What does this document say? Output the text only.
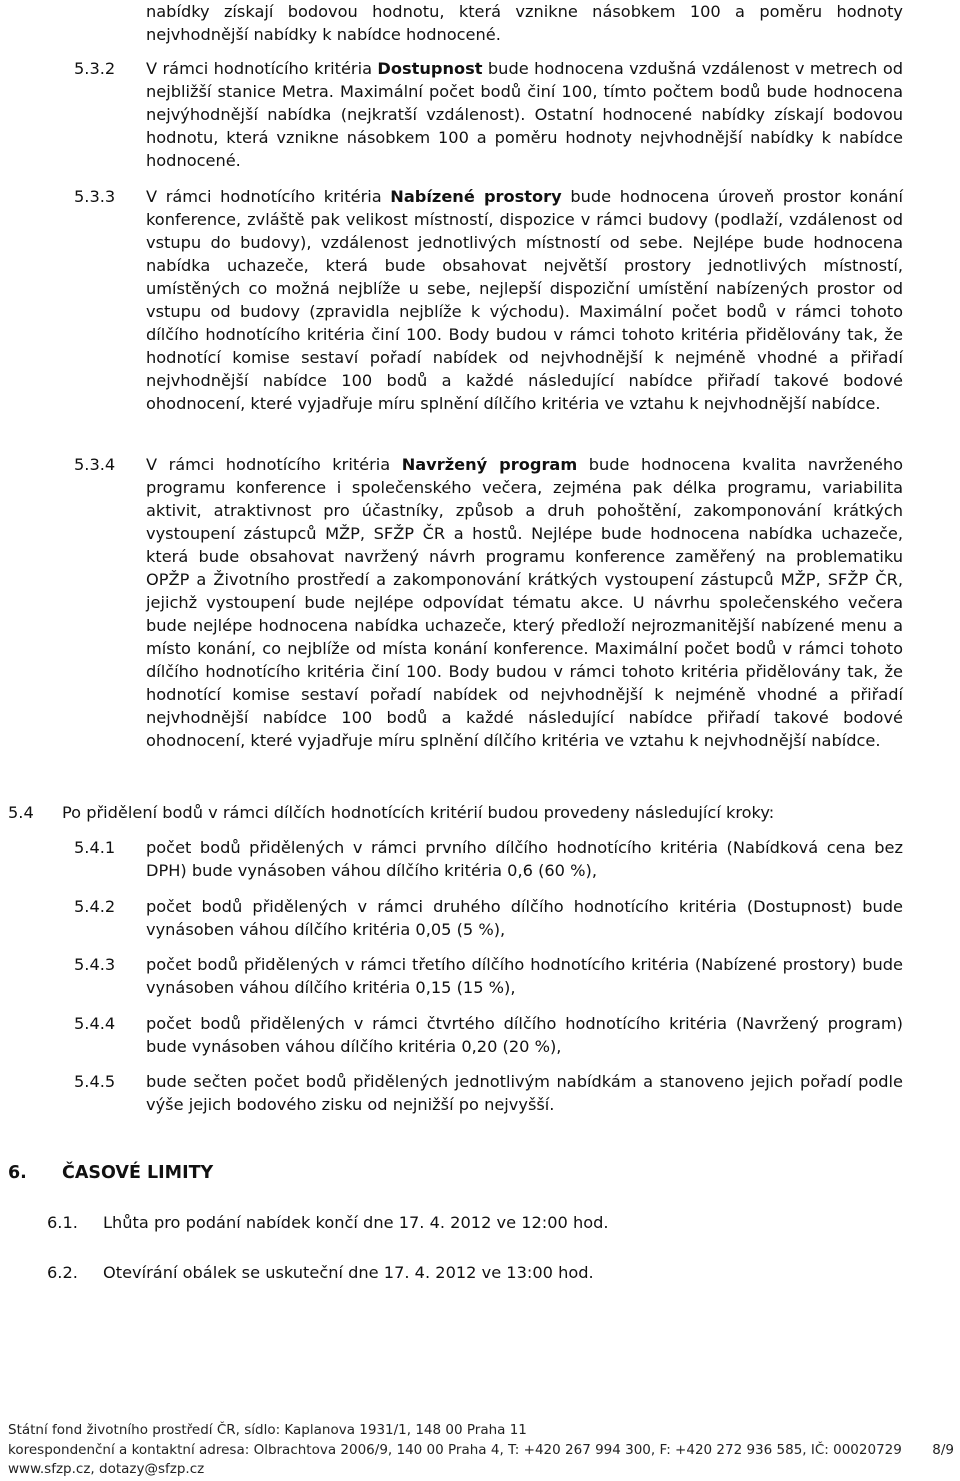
nabídky získají bodovou hodnotu, která vznikne násobkem 100 a poměru hodnoty nejvhodnější nabídky k nabídce hodnocené.
5.3.2 V rámci hodnotícího kritéria Dostupnost bude hodnocena vzdušná vzdálenost v metrech od nejbližší stanice Metra. Maximální počet bodů činí 100, tímto počtem bodů bude hodnocena nejvýhodnější nabídka (nejkratší vzdálenost). Ostatní hodnocené nabídky získají bodovou hodnotu, která vznikne násobkem 100 a poměru hodnoty nejvhodnější nabídky k nabídce hodnocené.
5.3.3 V rámci hodnotícího kritéria Nabízené prostory bude hodnocena úroveň prostor konání konference, zvláště pak velikost místností, dispozice v rámci budovy (podlaží, vzdálenost od vstupu do budovy), vzdálenost jednotlivých místností od sebe. Nejlépe bude hodnocena nabídka uchazeče, která bude obsahovat největší prostory jednotlivých místností, umístěných co možná nejblíže u sebe, nejlepší dispoziční umístění nabízených prostor od vstupu od budovy (zpravidla nejblíže k východu). Maximální počet bodů v rámci tohoto dílčího hodnotícího kritéria činí 100. Body budou v rámci tohoto kritéria přidělovány tak, že hodnotící komise sestaví pořadí nabídek od nejvhodnější k nejméně vhodné a přiřadí nejvhodnější nabídce 100 bodů a každé následující nabídce přiřadí takové bodové ohodnocení, které vyjadřuje míru splnění dílčího kritéria ve vztahu k nejvhodnější nabídce.
5.3.4 V rámci hodnotícího kritéria Navržený program bude hodnocena kvalita navrženého programu konference i společenského večera, zejména pak délka programu, variabilita aktivit, atraktivnost pro účastníky, způsob a druh pohoštění, zakomponování krátkých vystoupení zástupců MŽP, SFŽP ČR a hostů. Nejlépe bude hodnocena nabídka uchazeče, která bude obsahovat navržený návrh programu konference zaměřený na problematiku OPŽP a Životního prostředí a zakomponování krátkých vystoupení zástupců MŽP, SFŽP ČR, jejichž vystoupení bude nejlépe odpovídat tématu akce. U návrhu společenského večera bude nejlépe hodnocena nabídka uchazeče, který předloží nejrozmanitější nabízené menu a místo konání, co nejblíže od místa konání konference. Maximální počet bodů v rámci tohoto dílčího hodnotícího kritéria činí 100. Body budou v rámci tohoto kritéria přidělovány tak, že hodnotící komise sestaví pořadí nabídek od nejvhodnější k nejméně vhodné a přiřadí nejvhodnější nabídce 100 bodů a každé následující nabídce přiřadí takové bodové ohodnocení, které vyjadřuje míru splnění dílčího kritéria ve vztahu k nejvhodnější nabídce.
5.4 Po přidělení bodů v rámci dílčích hodnotících kritérií budou provedeny následující kroky:
5.4.1 počet bodů přidělených v rámci prvního dílčího hodnotícího kritéria (Nabídková cena bez DPH) bude vynásoben váhou dílčího kritéria 0,6 (60 %),
5.4.2 počet bodů přidělených v rámci druhého dílčího hodnotícího kritéria (Dostupnost) bude vynásoben váhou dílčího kritéria 0,05 (5 %),
5.4.3 počet bodů přidělených v rámci třetího dílčího hodnotícího kritéria (Nabízené prostory) bude vynásoben váhou dílčího kritéria 0,15 (15 %),
5.4.4 počet bodů přidělených v rámci čtvrtého dílčího hodnotícího kritéria (Navržený program) bude vynásoben váhou dílčího kritéria 0,20 (20 %),
5.4.5 bude sečten počet bodů přidělených jednotlivým nabídkám a stanoveno jejich pořadí podle výše jejich bodového zisku od nejnižší po nejvyšší.
6. ČASOVÉ LIMITY
6.1. Lhůta pro podání nabídek končí dne 17. 4. 2012 ve 12:00 hod.
6.2. Otevírání obálek se uskuteční dne 17. 4. 2012 ve 13:00 hod.
Státní fond životního prostředí ČR, sídlo: Kaplanova 1931/1, 148 00 Praha 11
korespondenční a kontaktní adresa: Olbrachtova 2006/9, 140 00 Praha 4, T: +420 267 994 300, F: +420 272 936 585, IČ: 00020729
www.sfzp.cz, dotazy@sfzp.cz
8/9
